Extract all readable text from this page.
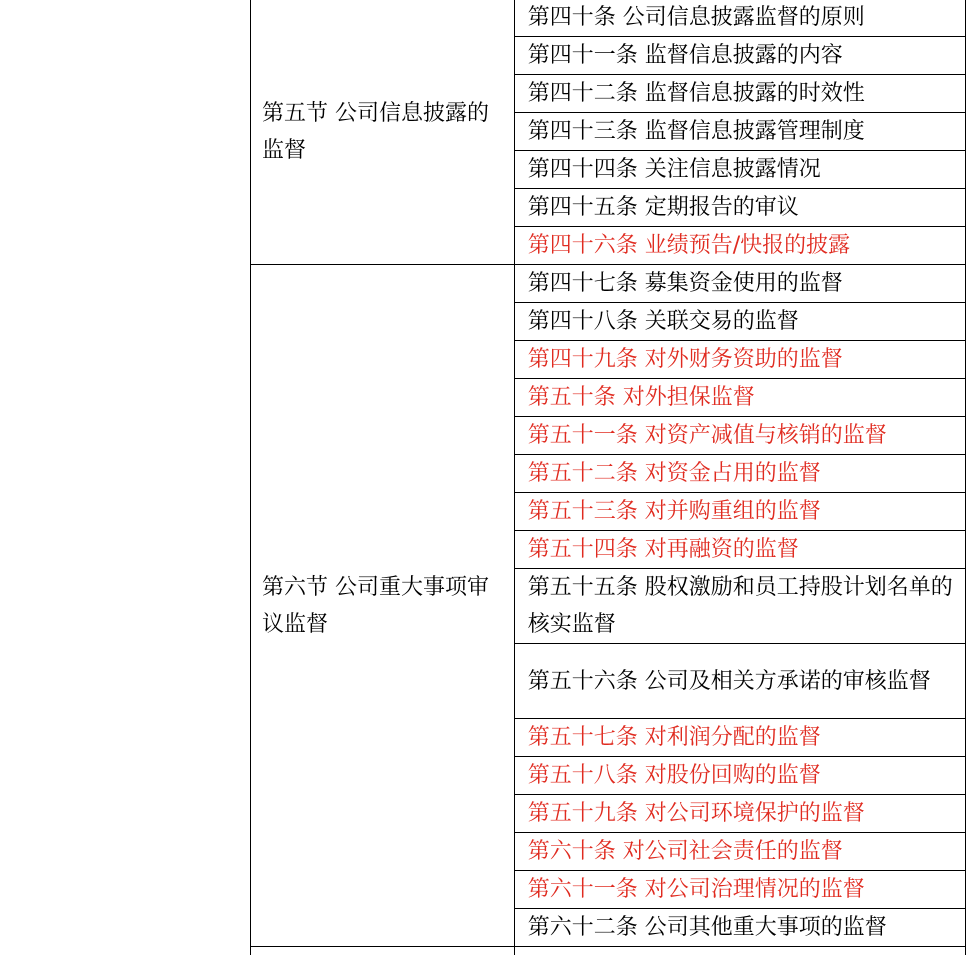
第五节 公司信息披露的监督	第四十条 公司信息披露监督的原则
	第四十一条 监督信息披露的内容
	第四十二条 监督信息披露的时效性
	第四十三条 监督信息披露管理制度
	第四十四条 关注信息披露情况
	第四十五条 定期报告的审议
	第四十六条 业绩预告/快报的披露
第六节 公司重大事项审议监督	第四十七条 募集资金使用的监督
	第四十八条 关联交易的监督
	第四十九条 对外财务资助的监督
	第五十条 对外担保监督
	第五十一条 对资产减值与核销的监督
	第五十二条 对资金占用的监督
	第五十三条 对并购重组的监督
	第五十四条 对再融资的监督
	第五十五条 股权激励和员工持股计划名单的核实监督
	第五十六条 公司及相关方承诺的审核监督
	第五十七条 对利润分配的监督
	第五十八条 对股份回购的监督
	第五十九条 对公司环境保护的监督
	第六十条 对公司社会责任的监督
	第六十一条 对公司治理情况的监督
	第六十二条 公司其他重大事项的监督
